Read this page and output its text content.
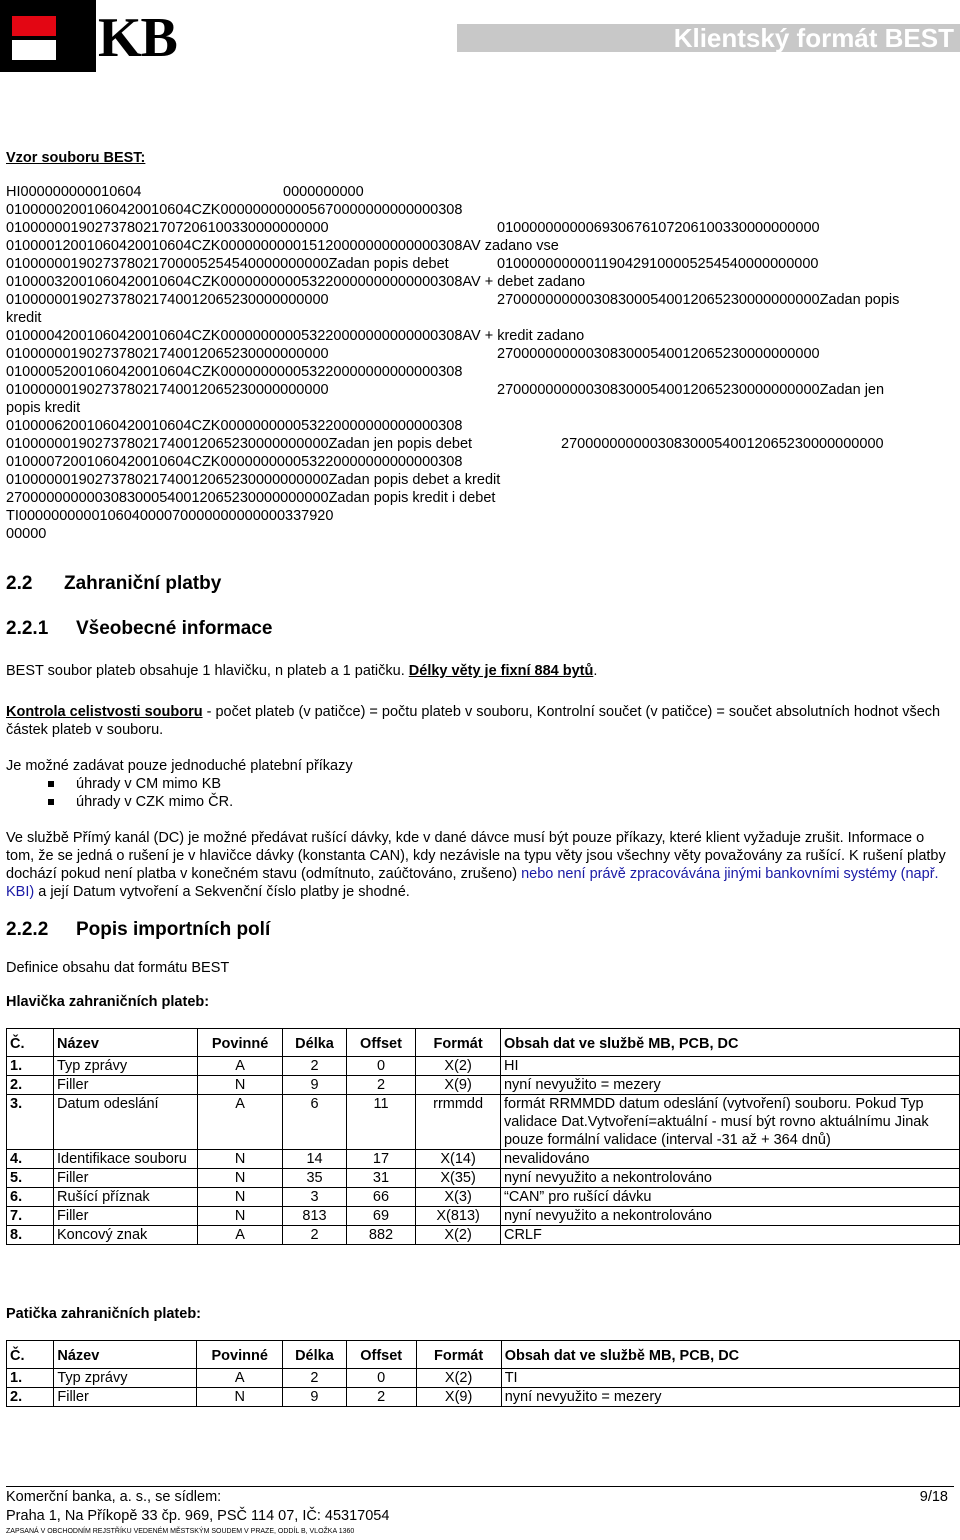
KB	Klientský formát BEST
Vzor souboru BEST:
HI000000000010604	0000000000
0100000200106042001060​4CZK000000000005670000000000000308
0100000019027378021707206100330000000000	0100000000006930676107206100330000000000
01000012001060420010604CZK000000000015120000000000000308AV zadano vse
0100000019027378021700005254540000000000Zadan popis debet	0100000000001190429100005254540000000000
01000032001060420010604CZK000000000053220000000000000308AV + debet zadano
0100000019027378021740012065230000000000	2700000000003083000540012065230000000000Zadan popis
kredit
01000042001060420010604CZK000000000053220000000000000308AV + kredit zadano
0100000019027378021740012065230000000000	2700000000003083000540012065230000000000
01000052001060420010604CZK000000000053220000000000000308
0100000019027378021740012065230000000000	2700000000003083000540012065230000000000Zadan jen
popis kredit
01000062001060420010604CZK000000000053220000000000000308
0100000019027378021740012065230000000000Zadan jen popis debet	2700000000003083000540012065230000000000
01000072001060420010604CZK000000000053220000000000000308
0100000019027378021740012065230000000000Zadan popis debet a kredit
2700000000003083000540012065230000000000Zadan popis kredit i debet
TI000000000010604000070000000000000337920
00000
2.2 Zahraniční platby
2.2.1 Všeobecné informace
BEST soubor plateb obsahuje 1 hlavičku, n plateb a 1 patičku. Délky věty je fixní 884 bytů.
Kontrola celistvosti souboru - počet plateb (v patičce) = počtu plateb v souboru, Kontrolní součet (v patičce) = součet absolutních hodnot všech částek plateb v souboru.
Je možné zadávat pouze jednoduché platební příkazy
úhrady v CM mimo KB
úhrady v CZK mimo ČR.
Ve službě Přímý kanál (DC) je možné předávat rušící dávky, kde v dané dávce musí být pouze příkazy, které klient vyžaduje zrušit. Informace o tom, že se jedná o rušení je v hlavičce dávky (konstanta CAN), kdy nezávisle na typu věty jsou všechny věty považovány za rušící. K rušení platby dochází pokud není platba v konečném stavu (odmítnuto, zaúčtováno, zrušeno) nebo není právě zpracovávána jinými bankovními systémy (např. KBI) a její Datum vytvoření a Sekvenční číslo platby je shodné.
2.2.2 Popis importních polí
Definice obsahu dat formátu BEST
Hlavička zahraničních plateb:
Č.	Název	Povinné	Délka	Offset	Formát	Obsah dat ve službě MB, PCB, DC
1.	Typ zprávy	A	2	0	X(2)	HI
2.	Filler	N	9	2	X(9)	nyní nevyužito = mezery
3.	Datum odeslání	A	6	11	rrmmdd	formát RRMMDD datum odeslání (vytvoření) souboru. Pokud Typ validace Dat.Vytvoření=aktuální - musí být rovno aktuálnímu Jinak pouze formální validace (interval -31 až + 364 dnů)
4.	Identifikace souboru	N	14	17	X(14)	nevalidováno
5.	Filler	N	35	31	X(35)	nyní nevyužito a nekontrolováno
6.	Rušící příznak	N	3	66	X(3)	“CAN” pro rušící dávku
7.	Filler	N	813	69	X(813)	nyní nevyužito a nekontrolováno
8.	Koncový znak	A	2	882	X(2)	CRLF
Patička zahraničních plateb:
Č.	Název	Povinné	Délka	Offset	Formát	Obsah dat ve službě MB, PCB, DC
1.	Typ zprávy	A	2	0	X(2)	TI
2.	Filler	N	9	2	X(9)	nyní nevyužito = mezery
Komerční banka, a. s., se sídlem:	9/18
Praha 1, Na Příkopě 33 čp. 969, PSČ 114 07, IČ: 45317054
ZAPSANÁ V OBCHODNÍM REJSTŘÍKU VEDENÉM MĚSTSKÝM SOUDEM V PRAZE, ODDÍL B, VLOŽKA 1360
